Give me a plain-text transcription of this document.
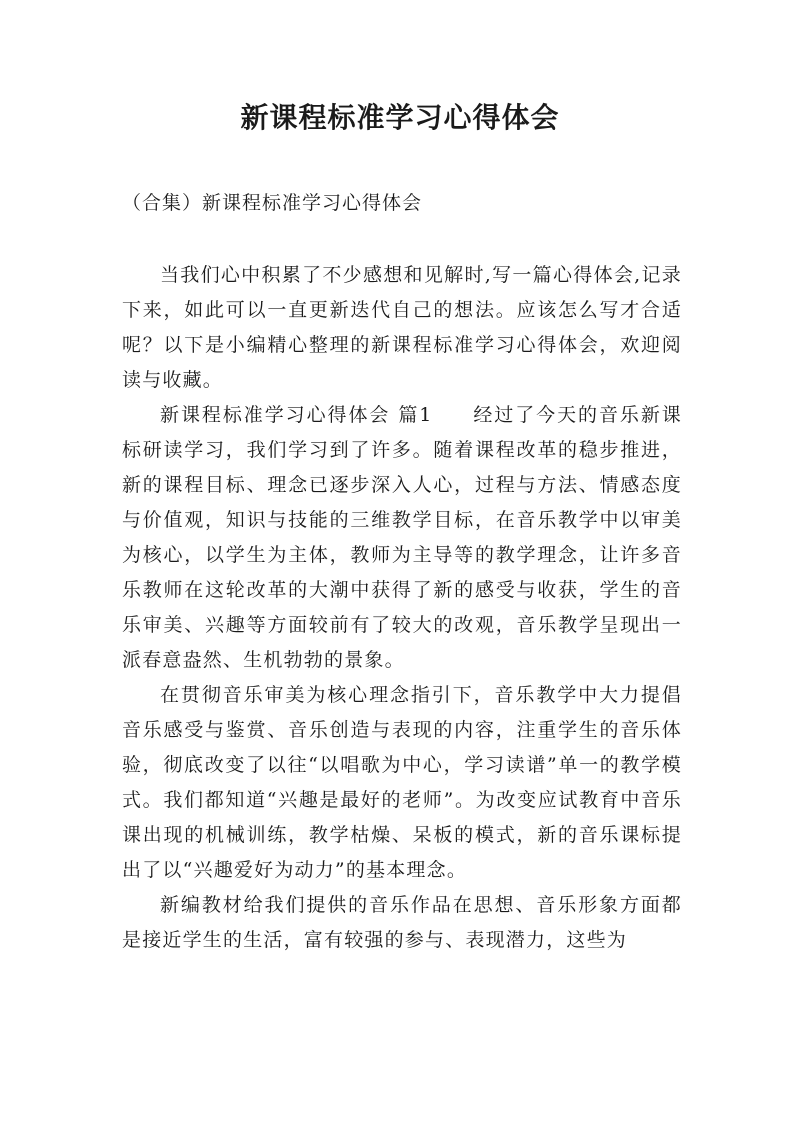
新课程标准学习心得体会

（合集）新课程标准学习心得体会

当我们心中积累了不少感想和见解时,写一篇心得体会,记录下来，如此可以一直更新迭代自己的想法。应该怎么写才合适呢？以下是小编精心整理的新课程标准学习心得体会，欢迎阅读与收藏。

新课程标准学习心得体会 篇1 经过了今天的音乐新课标研读学习，我们学习到了许多。随着课程改革的稳步推进，新的课程目标、理念已逐步深入人心，过程与方法、情感态度与价值观，知识与技能的三维教学目标，在音乐教学中以审美为核心，以学生为主体，教师为主导等的教学理念，让许多音乐教师在这轮改革的大潮中获得了新的感受与收获，学生的音乐审美、兴趣等方面较前有了较大的改观，音乐教学呈现出一派春意盎然、生机勃勃的景象。

在贯彻音乐审美为核心理念指引下，音乐教学中大力提倡音乐感受与鉴赏、音乐创造与表现的内容，注重学生的音乐体验，彻底改变了以往“以唱歌为中心，学习读谱”单一的教学模式。我们都知道“兴趣是最好的老师”。为改变应试教育中音乐课出现的机械训练，教学枯燥、呆板的模式，新的音乐课标提出了以“兴趣爱好为动力”的基本理念。

新编教材给我们提供的音乐作品在思想、音乐形象方面都是接近学生的生活，富有较强的参与、表现潜力，这些为
